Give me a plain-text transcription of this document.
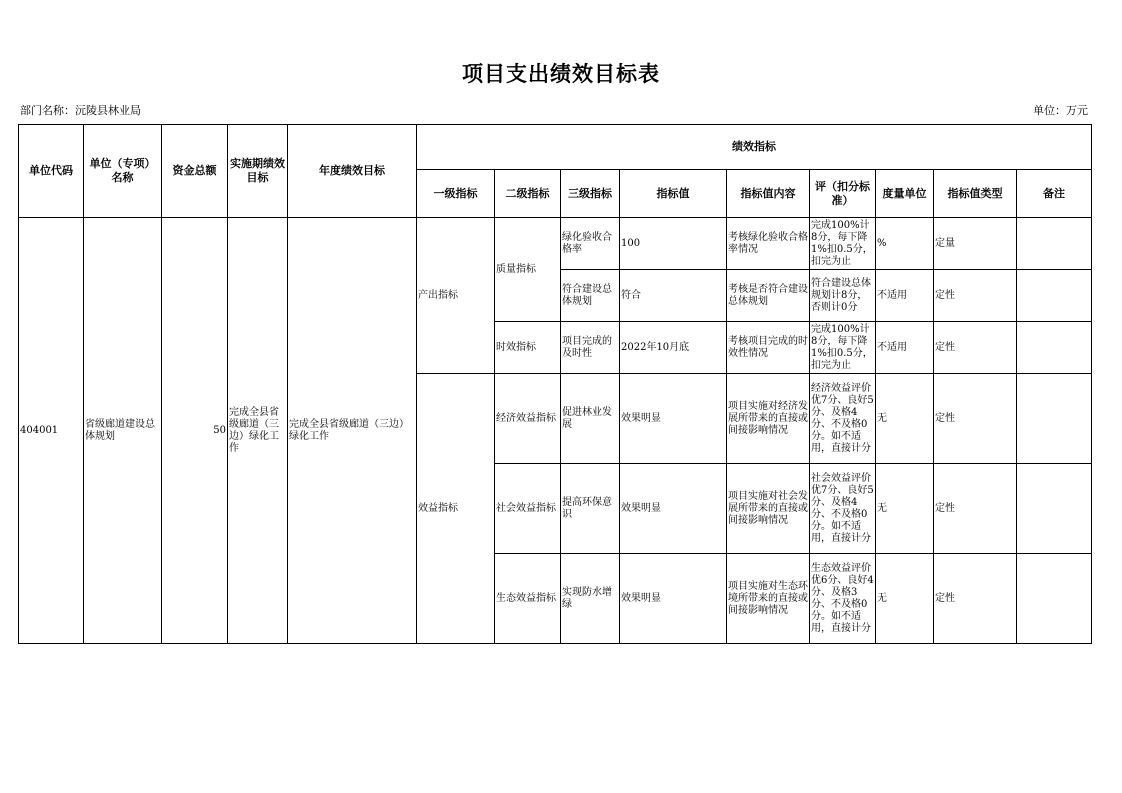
项目支出绩效目标表
部门名称：沅陵县林业局	单位：万元
单位代码	单位（专项）名称	资金总额	实施期绩效目标	年度绩效目标	绩效指标								
					一级指标	二级指标	三级指标	指标值	指标值内容	评（扣分标准）	度量单位	指标值类型	备注
404001	省级廊道建设总体规划	50	完成全县省级廊道（三边）绿化工作	完成全县省级廊道（三边）绿化工作	产出指标	质量指标	绿化验收合格率	100	考核绿化验收合格率情况	完成100%计8分，每下降1%扣0.5分，扣完为止	%	定量	
							符合建设总体规划	符合	考核是否符合建设总体规划	符合建设总体规划计8分，否则计0分	不适用	定性	
						时效指标	项目完成的及时性	2022年10月底	考核项目完成的时效性情况	完成100%计8分，每下降1%扣0.5分，扣完为止	不适用	定性	
					效益指标	经济效益指标	促进林业发展	效果明显	项目实施对经济发展所带来的直接或间接影响情况	经济效益评价优7分、良好5分、及格4分、不及格0分。如不适用，直接计分	无	定性	
						社会效益指标	提高环保意识	效果明显	项目实施对社会发展所带来的直接或间接影响情况	社会效益评价优7分、良好5分、及格4分、不及格0分。如不适用，直接计分	无	定性	
						生态效益指标	实现防水增绿	效果明显	项目实施对生态环境所带来的直接或间接影响情况	生态效益评价优6分、良好4分、及格3分、不及格0分。如不适用，直接计分	无	定性	
